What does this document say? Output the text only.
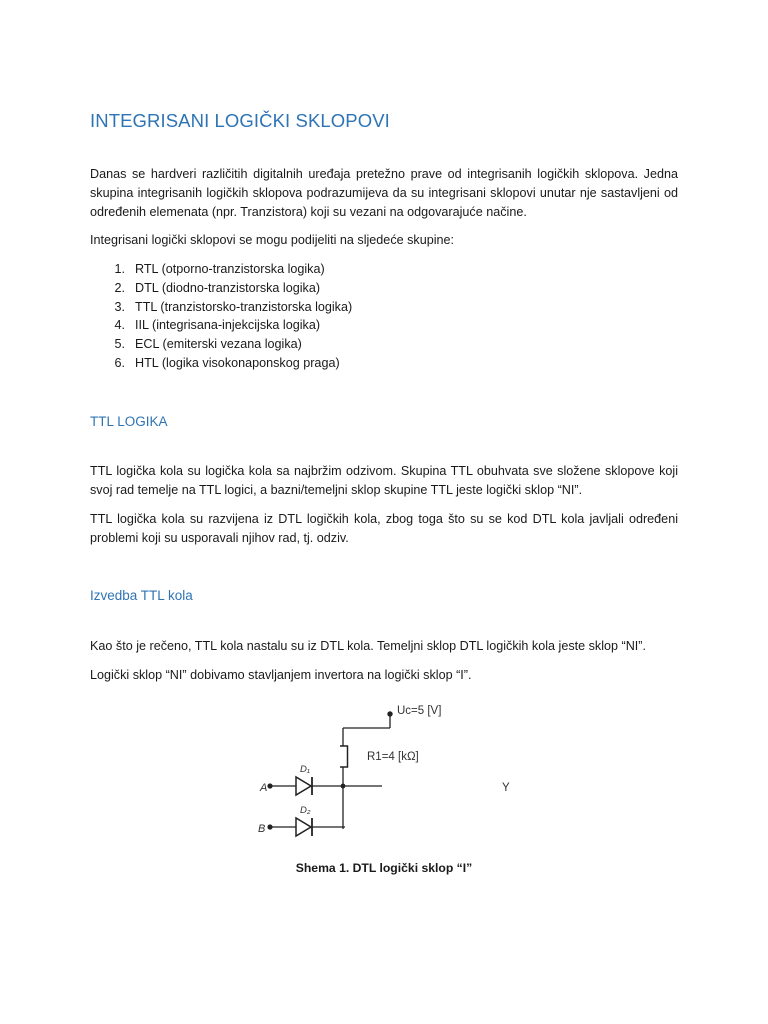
INTEGRISANI LOGIČKI SKLOPOVI

Danas se hardveri različitih digitalnih uređaja pretežno prave od integrisanih logičkih sklopova. Jedna skupina integrisanih logičkih sklopova podrazumijeva da su integrisani sklopovi unutar nje sastavljeni od određenih elemenata (npr. Tranzistora) koji su vezani na odgovarajuće načine.

Integrisani logički sklopovi se mogu podijeliti na sljedeće skupine:

1. RTL (otporno-tranzistorska logika)
2. DTL (diodno-tranzistorska logika)
3. TTL (tranzistorsko-tranzistorska logika)
4. IIL (integrisana-injekcijska logika)
5. ECL (emiterski vezana logika)
6. HTL (logika visokonaponskog praga)
TTL LOGIKA

TTL logička kola su logička kola sa najbržim odzivom. Skupina TTL obuhvata sve složene sklopove koji svoj rad temelje na TTL logici, a bazni/temeljni sklop skupine TTL jeste logički sklop “NI”.

TTL logička kola su razvijena iz DTL logičkih kola, zbog toga što su se kod DTL kola javljali određeni problemi koji su usporavali njihov rad, tj. odziv.

Izvedba TTL kola

Kao što je rečeno, TTL kola nastalu su iz DTL kola. Temeljni sklop DTL logičkih kola jeste sklop “NI”.

Logički sklop “NI” dobivamo stavljanjem invertora na logički sklop “I”.

Uc=5 [V]
R1=4 [kΩ]
Y
A
D₁
B
D₂
Shema 1. DTL logički sklop “I”
